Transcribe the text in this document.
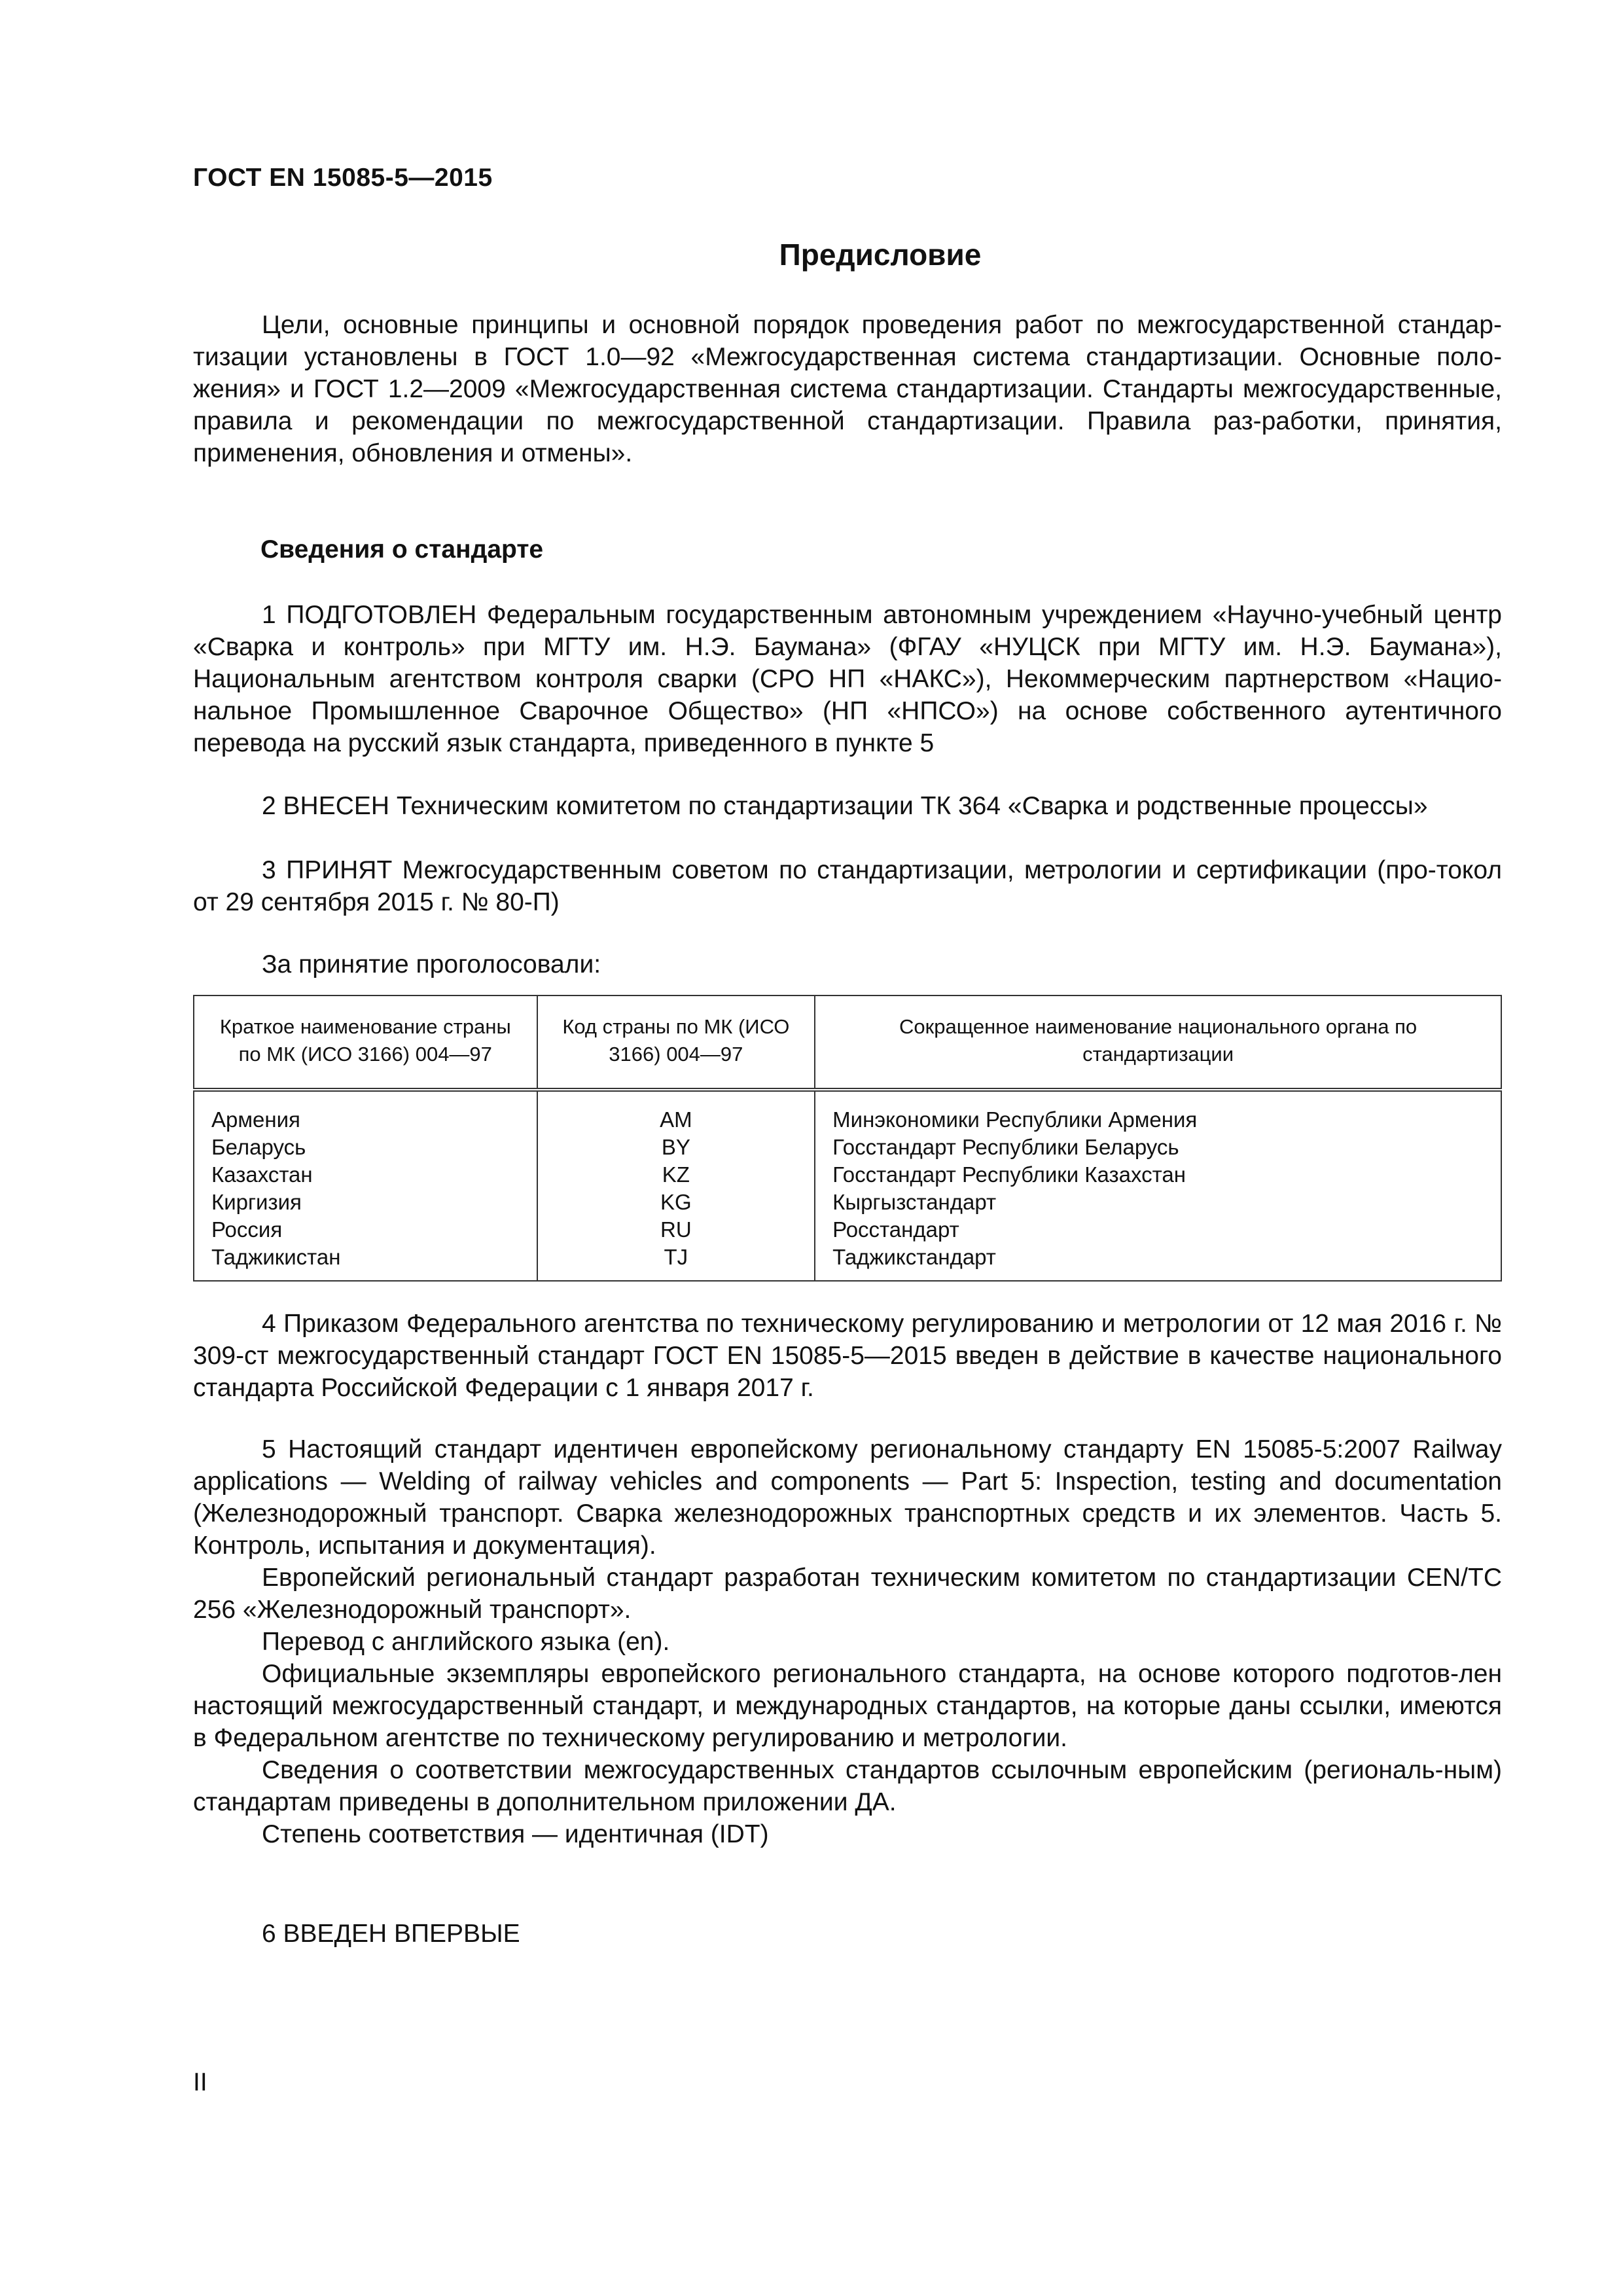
ГОСТ EN 15085-5—2015
Предисловие
Цели, основные принципы и основной порядок проведения работ по межгосударственной стандар-тизации установлены в ГОСТ 1.0—92 «Межгосударственная система стандартизации. Основные поло-жения» и ГОСТ 1.2—2009 «Межгосударственная система стандартизации. Стандарты межгосударственные, правила и рекомендации по межгосударственной стандартизации. Правила раз-работки, принятия, применения, обновления и отмены».
Сведения о стандарте
1 ПОДГОТОВЛЕН Федеральным государственным автономным учреждением «Научно-учебный центр «Сварка и контроль» при МГТУ им. Н.Э. Баумана» (ФГАУ «НУЦСК при МГТУ им. Н.Э. Баумана»), Национальным агентством контроля сварки (СРО НП «НАКС»), Некоммерческим партнерством «Нацио-нальное Промышленное Сварочное Общество» (НП «НПСО») на основе собственного аутентичного перевода на русский язык стандарта, приведенного в пункте 5
2 ВНЕСЕН Техническим комитетом по стандартизации ТК 364 «Сварка и родственные процессы»
3 ПРИНЯТ Межгосударственным советом по стандартизации, метрологии и сертификации (про-токол от 29 сентября 2015 г. № 80-П)
За принятие проголосовали:
Краткое наименование страны по МК (ИСО 3166) 004—97	Код страны по МК (ИСО 3166) 004—97	Сокращенное наименование национального органа по стандартизации
Армения	AM	Минэкономики Республики Армения
Беларусь	BY	Госстандарт Республики Беларусь
Казахстан	KZ	Госстандарт Республики Казахстан
Киргизия	KG	Кыргызстандарт
Россия	RU	Росстандарт
Таджикистан	TJ	Таджикстандарт
4 Приказом Федерального агентства по техническому регулированию и метрологии от 12 мая 2016 г. № 309-ст межгосударственный стандарт ГОСТ EN 15085-5—2015 введен в действие в качестве национального стандарта Российской Федерации с 1 января 2017 г.
5 Настоящий стандарт идентичен европейскому региональному стандарту EN 15085-5:2007 Railway applications — Welding of railway vehicles and components — Part 5: Inspection, testing and documentation (Железнодорожный транспорт. Сварка железнодорожных транспортных средств и их элементов. Часть 5. Контроль, испытания и документация).
Европейский региональный стандарт разработан техническим комитетом по стандартизации CEN/TC 256 «Железнодорожный транспорт».
Перевод с английского языка (en).
Официальные экземпляры европейского регионального стандарта, на основе которого подготов-лен настоящий межгосударственный стандарт, и международных стандартов, на которые даны ссылки, имеются в Федеральном агентстве по техническому регулированию и метрологии.
Сведения о соответствии межгосударственных стандартов ссылочным европейским (региональ-ным) стандартам приведены в дополнительном приложении ДА.
Степень соответствия — идентичная (IDT)
6 ВВЕДЕН ВПЕРВЫЕ
II
